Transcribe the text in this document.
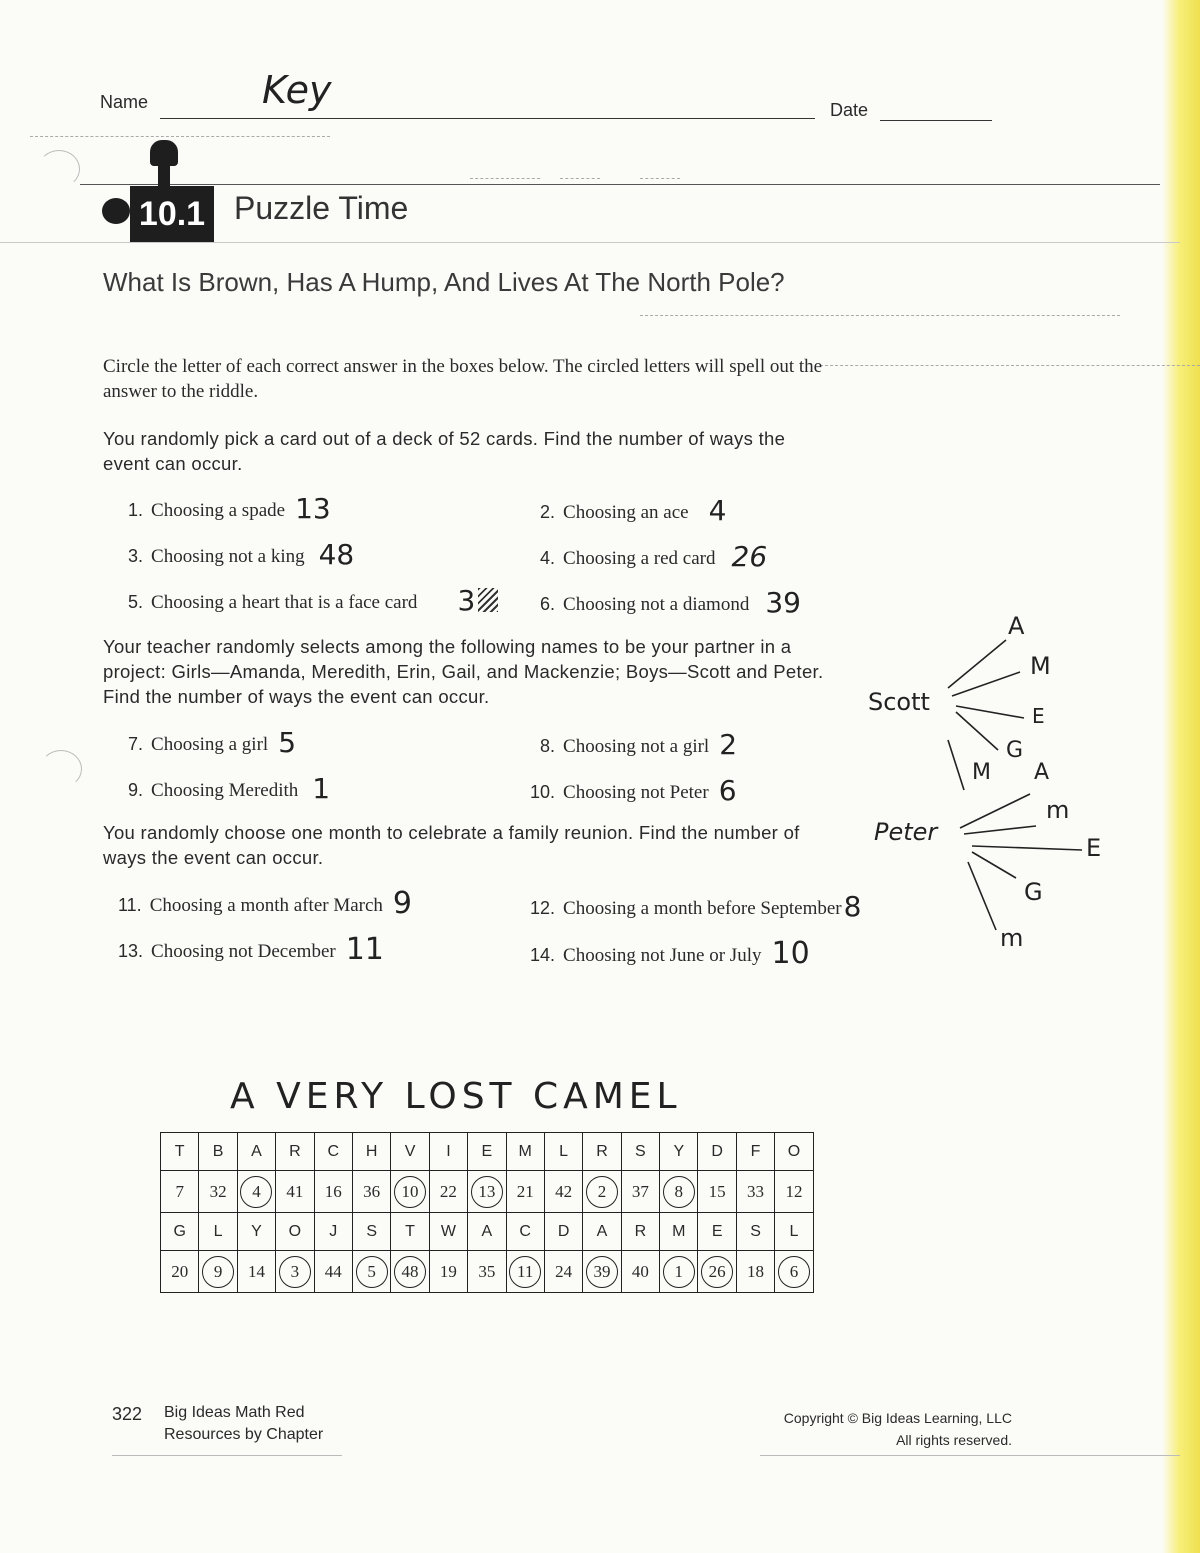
Name	Key	Date
10.1 Puzzle Time
What Is Brown, Has A Hump, And Lives At The North Pole?
Circle the letter of each correct answer in the boxes below. The circled letters will spell out the answer to the riddle.
You randomly pick a card out of a deck of 52 cards. Find the number of ways the event can occur.
1. Choosing a spade 13	2. Choosing an ace 4
3. Choosing not a king 48	4. Choosing a red card 26
5. Choosing a heart that is a face card 3	6. Choosing not a diamond 39
Your teacher randomly selects among the following names to be your partner in a project: Girls—Amanda, Meredith, Erin, Gail, and Mackenzie; Boys—Scott and Peter. Find the number of ways the event can occur.
7. Choosing a girl 5	8. Choosing not a girl 2
9. Choosing Meredith 1	10. Choosing not Peter 6
Scott
Peter
A
M
E
G
M A
m
E
G
m
You randomly choose one month to celebrate a family reunion. Find the number of ways the event can occur.
11. Choosing a month after March 9	12. Choosing a month before September8
13. Choosing not December 11	14. Choosing not June or July 10
A VERY LOST CAMEL
T	B	A	R	C	H	V	I	E	M	L	R	S	Y	D	F	O
7	32	4	41	16	36	10	22	13	21	42	2	37	8	15	33	12
G	L	Y	O	J	S	T	W	A	C	D	A	R	M	E	S	L
20	9	14	3	44	5	48	19	35	11	24	39	40	1	26	18	6
322 Big Ideas Math Red
Resources by Chapter
Copyright © Big Ideas Learning, LLC
All rights reserved.
